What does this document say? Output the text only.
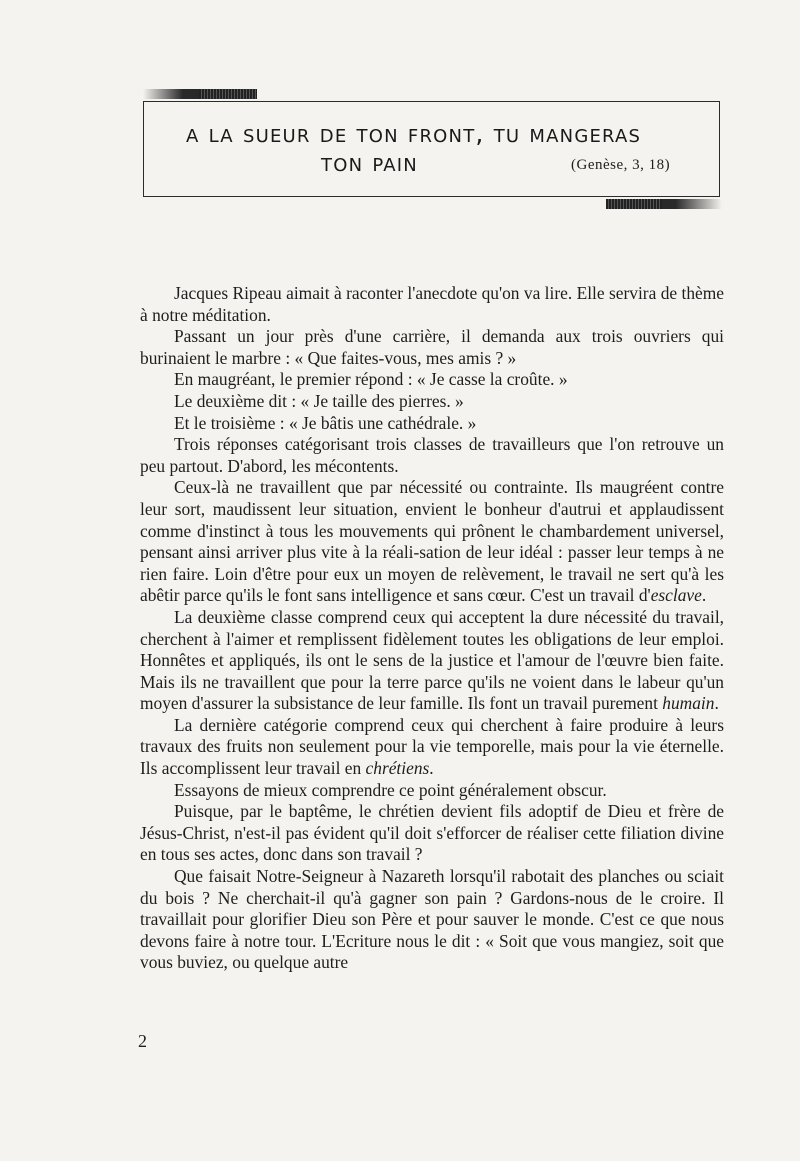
a la sueur de ton front, tu mangeras
ton pain	(Genèse, 3, 18)

Jacques Ripeau aimait à raconter l'anecdote qu'on va lire. Elle servira de thème à notre méditation.

Passant un jour près d'une carrière, il demanda aux trois ouvriers qui burinaient le marbre : « Que faites-vous, mes amis ? »

En maugréant, le premier répond : « Je casse la croûte. »

Le deuxième dit : « Je taille des pierres. »

Et le troisième : « Je bâtis une cathédrale. »

Trois réponses catégorisant trois classes de travailleurs que l'on retrouve un peu partout. D'abord, les mécontents.

Ceux-là ne travaillent que par nécessité ou contrainte. Ils maugréent contre leur sort, maudissent leur situation, envient le bonheur d'autrui et applaudissent comme d'instinct à tous les mouvements qui prônent le chambardement universel, pensant ainsi arriver plus vite à la réali-sation de leur idéal : passer leur temps à ne rien faire. Loin d'être pour eux un moyen de relèvement, le travail ne sert qu'à les abêtir parce qu'ils le font sans intelligence et sans cœur. C'est un travail d'esclave.

La deuxième classe comprend ceux qui acceptent la dure nécessité du travail, cherchent à l'aimer et remplissent fidèlement toutes les obligations de leur emploi. Honnêtes et appliqués, ils ont le sens de la justice et l'amour de l'œuvre bien faite. Mais ils ne travaillent que pour la terre parce qu'ils ne voient dans le labeur qu'un moyen d'assurer la subsistance de leur famille. Ils font un travail purement humain.

La dernière catégorie comprend ceux qui cherchent à faire produire à leurs travaux des fruits non seulement pour la vie temporelle, mais pour la vie éternelle. Ils accomplissent leur travail en chrétiens.

Essayons de mieux comprendre ce point généralement obscur.

Puisque, par le baptême, le chrétien devient fils adoptif de Dieu et frère de Jésus-Christ, n'est-il pas évident qu'il doit s'efforcer de réaliser cette filiation divine en tous ses actes, donc dans son travail ?

Que faisait Notre-Seigneur à Nazareth lorsqu'il rabotait des planches ou sciait du bois ? Ne cherchait-il qu'à gagner son pain ? Gardons-nous de le croire. Il travaillait pour glorifier Dieu son Père et pour sauver le monde. C'est ce que nous devons faire à notre tour. L'Ecriture nous le dit : « Soit que vous mangiez, soit que vous buviez, ou quelque autre

2
